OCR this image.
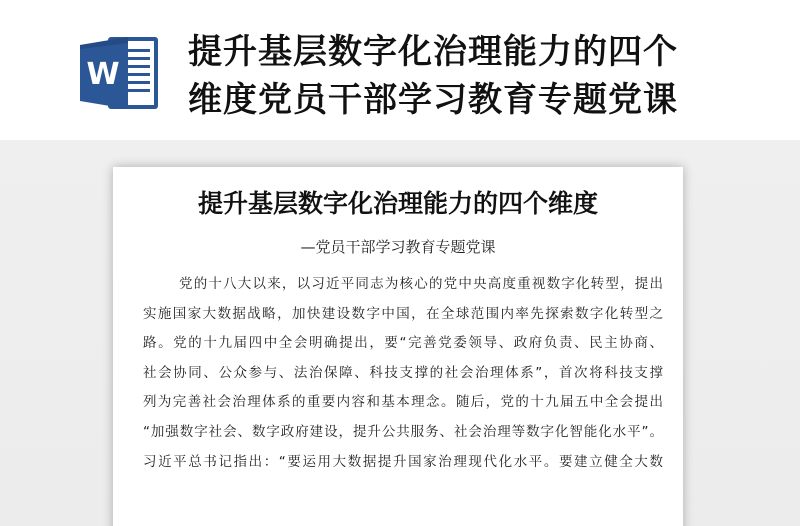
W
提升基层数字化治理能力的四个
维度党员干部学习教育专题党课
提升基层数字化治理能力的四个维度
—党员干部学习教育专题党课
党的十八大以来，以习近平同志为核心的党中央高度重视数字化转型，提出
实施国家大数据战略，加快建设数字中国，在全球范围内率先探索数字化转型之
路。党的十九届四中全会明确提出，要“完善党委领导、政府负责、民主协商、
社会协同、公众参与、法治保障、科技支撑的社会治理体系”，首次将科技支撑
列为完善社会治理体系的重要内容和基本理念。随后，党的十九届五中全会提出
“加强数字社会、数字政府建设，提升公共服务、社会治理等数字化智能化水平”。
习近平总书记指出：“要运用大数据提升国家治理现代化水平。要建立健全大数
